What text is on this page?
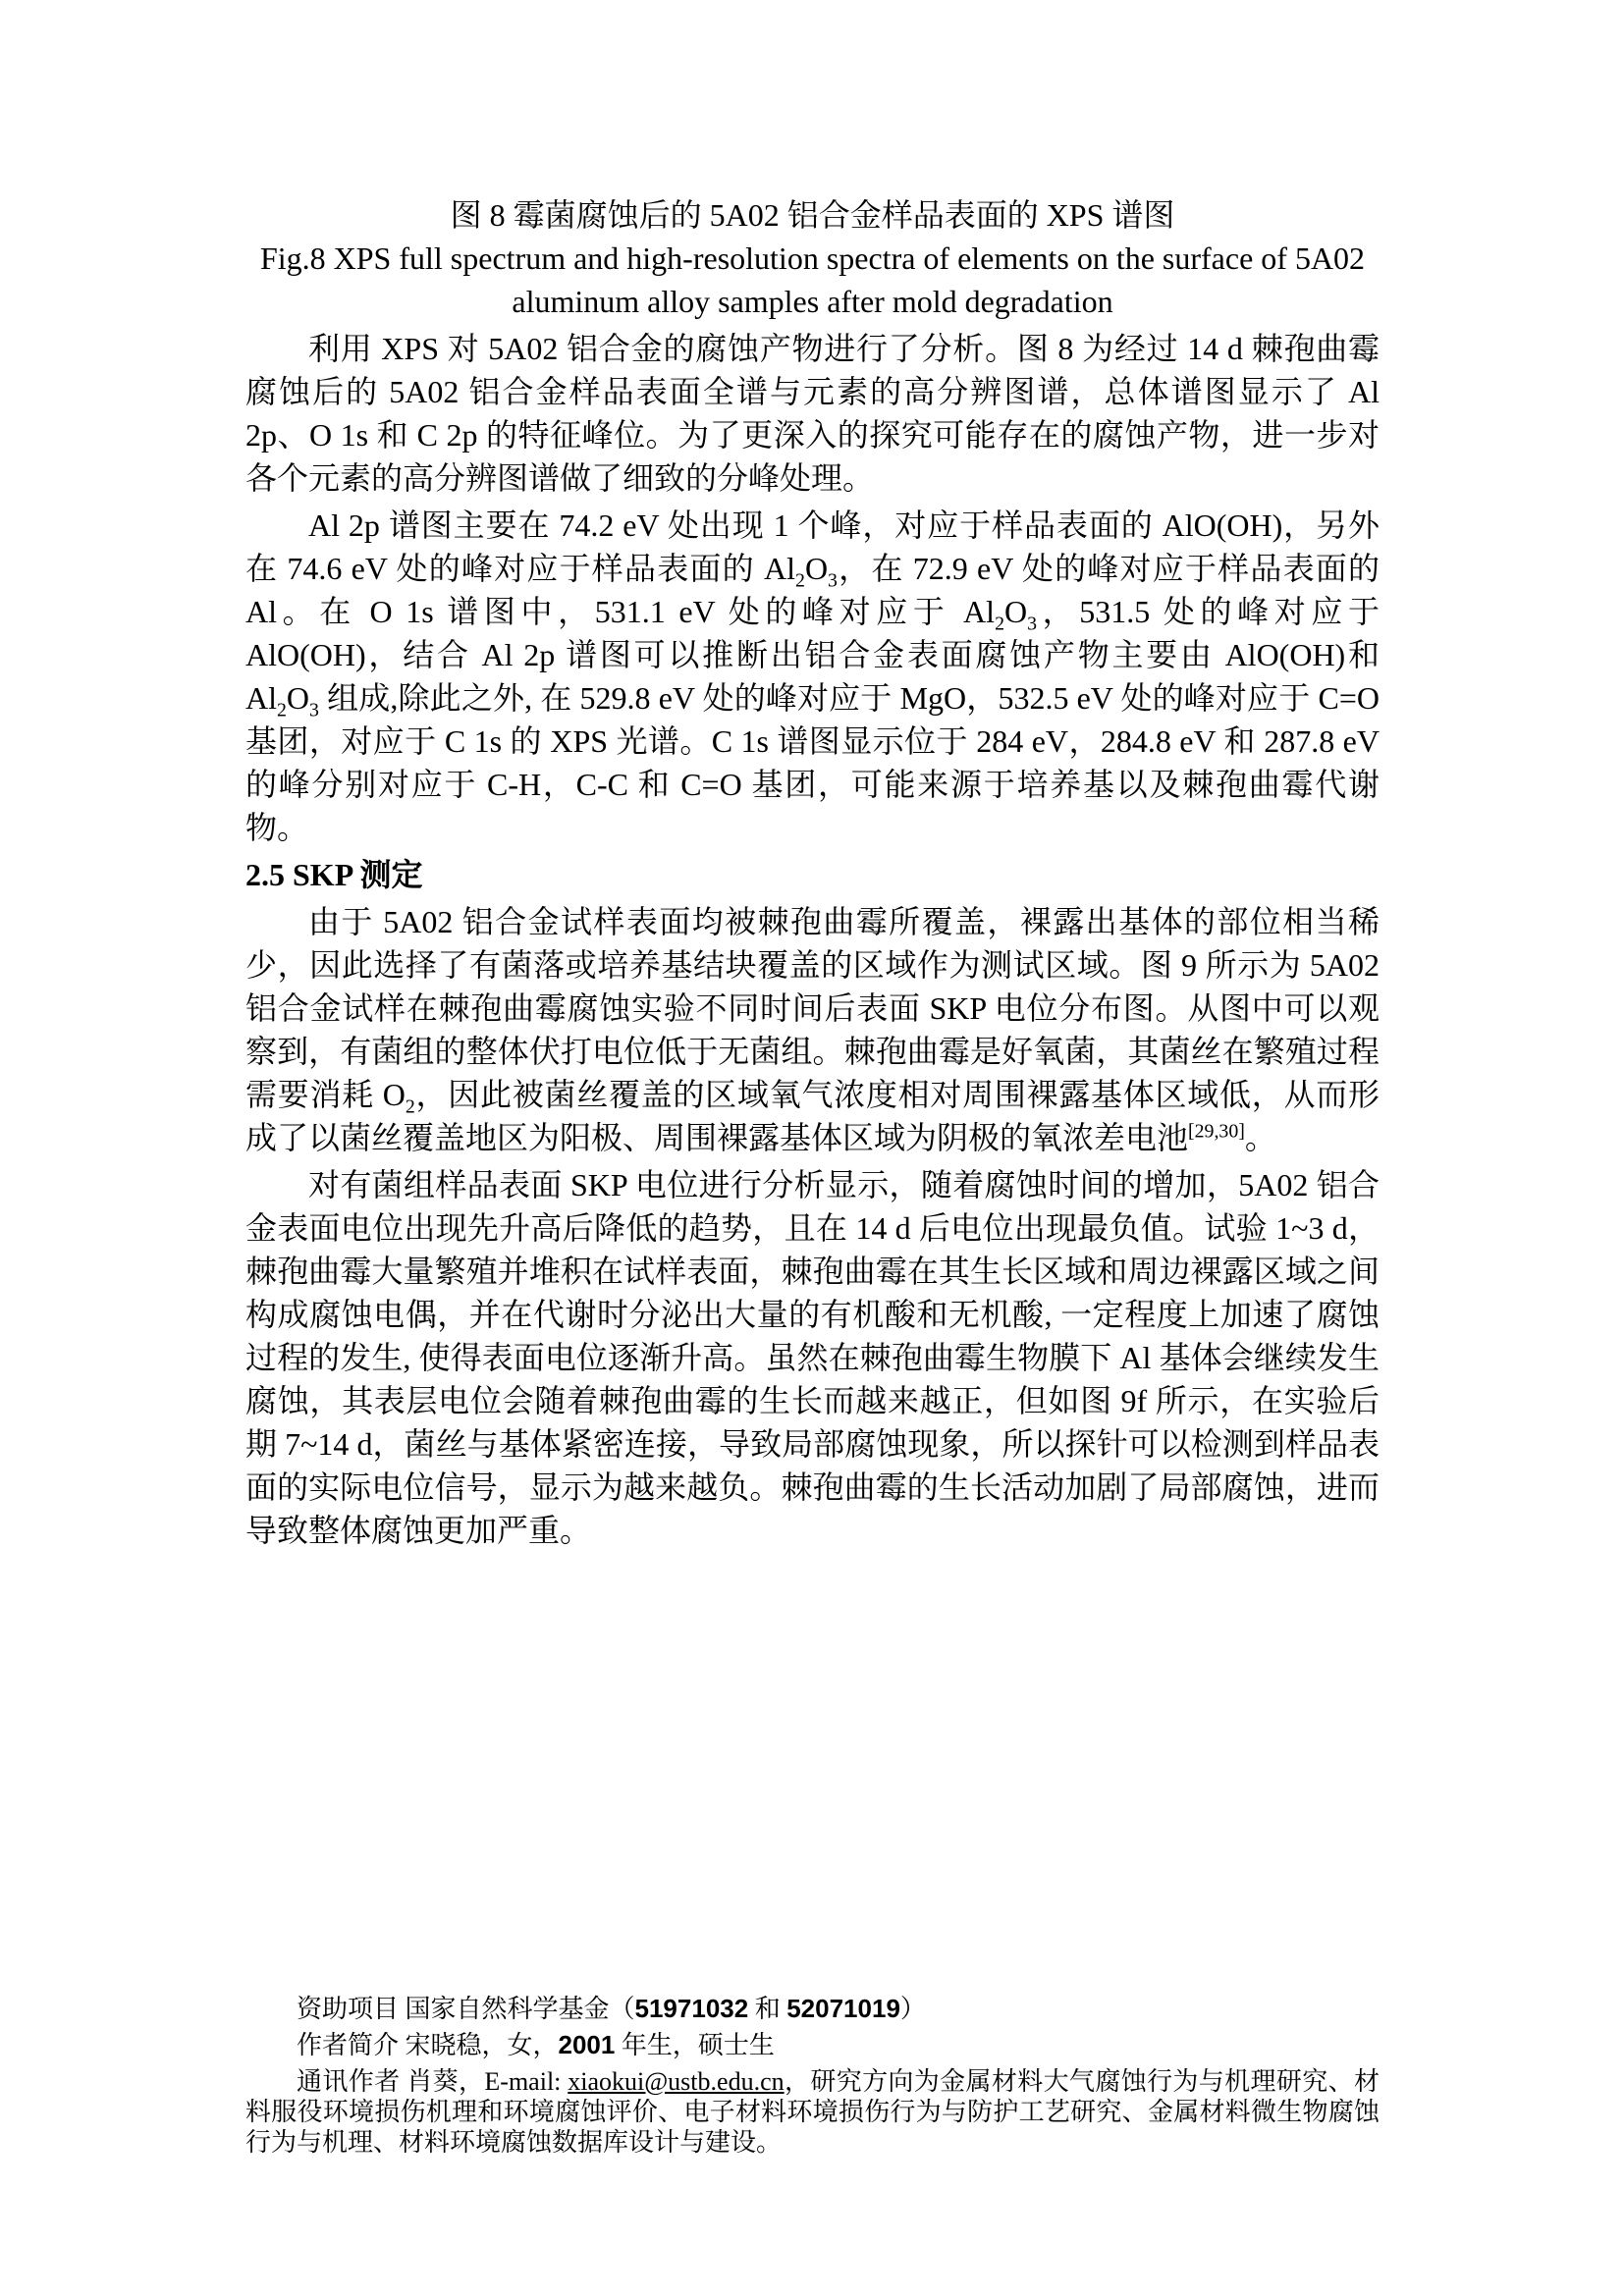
图 8 霉菌腐蚀后的 5A02 铝合金样品表面的 XPS 谱图
Fig.8 XPS full spectrum and high-resolution spectra of elements on the surface of 5A02
aluminum alloy samples after mold degradation

利用 XPS 对 5A02 铝合金的腐蚀产物进行了分析。图 8 为经过 14 d 棘孢曲霉腐蚀后的 5A02 铝合金样品表面全谱与元素的高分辨图谱，总体谱图显示了 Al 2p、O 1s 和 C 2p 的特征峰位。为了更深入的探究可能存在的腐蚀产物，进一步对各个元素的高分辨图谱做了细致的分峰处理。

Al 2p 谱图主要在 74.2 eV 处出现 1 个峰，对应于样品表面的 AlO(OH)，另外在 74.6 eV 处的峰对应于样品表面的 $Al_2O_3$，在 72.9 eV 处的峰对应于样品表面的 Al。在 O 1s 谱图中，531.1 eV 处的峰对应于 $Al_2O_3$，531.5 处的峰对应于 AlO(OH)，结合 Al 2p 谱图可以推断出铝合金表面腐蚀产物主要由 AlO(OH)和 $Al_2O_3$ 组成,除此之外, 在 529.8 eV 处的峰对应于 MgO，532.5 eV 处的峰对应于 C=O 基团，对应于 C 1s 的 XPS 光谱。C 1s 谱图显示位于 284 eV，284.8 eV 和 287.8 eV 的峰分别对应于 C-H，C-C 和 C=O 基团，可能来源于培养基以及棘孢曲霉代谢物。

2.5 SKP 测定

由于 5A02 铝合金试样表面均被棘孢曲霉所覆盖，裸露出基体的部位相当稀少，因此选择了有菌落或培养基结块覆盖的区域作为测试区域。图 9 所示为 5A02 铝合金试样在棘孢曲霉腐蚀实验不同时间后表面 SKP 电位分布图。从图中可以观察到，有菌组的整体伏打电位低于无菌组。棘孢曲霉是好氧菌，其菌丝在繁殖过程需要消耗 $O_2$，因此被菌丝覆盖的区域氧气浓度相对周围裸露基体区域低，从而形成了以菌丝覆盖地区为阳极、周围裸露基体区域为阴极的氧浓差电池[29,30]。

对有菌组样品表面 SKP 电位进行分析显示，随着腐蚀时间的增加，5A02 铝合金表面电位出现先升高后降低的趋势，且在 14 d 后电位出现最负值。试验 1~3 d，棘孢曲霉大量繁殖并堆积在试样表面，棘孢曲霉在其生长区域和周边裸露区域之间构成腐蚀电偶，并在代谢时分泌出大量的有机酸和无机酸, 一定程度上加速了腐蚀过程的发生, 使得表面电位逐渐升高。虽然在棘孢曲霉生物膜下 Al 基体会继续发生腐蚀，其表层电位会随着棘孢曲霉的生长而越来越正，但如图 9f 所示，在实验后期 7~14 d，菌丝与基体紧密连接，导致局部腐蚀现象，所以探针可以检测到样品表面的实际电位信号，显示为越来越负。棘孢曲霉的生长活动加剧了局部腐蚀，进而导致整体腐蚀更加严重。

资助项目 国家自然科学基金（51971032 和 52071019）

作者简介 宋晓稳，女，2001 年生，硕士生

通讯作者 肖葵，E-mail: xiaokui@ustb.edu.cn，研究方向为金属材料大气腐蚀行为与机理研究、材料服役环境损伤机理和环境腐蚀评价、电子材料环境损伤行为与防护工艺研究、金属材料微生物腐蚀行为与机理、材料环境腐蚀数据库设计与建设。
